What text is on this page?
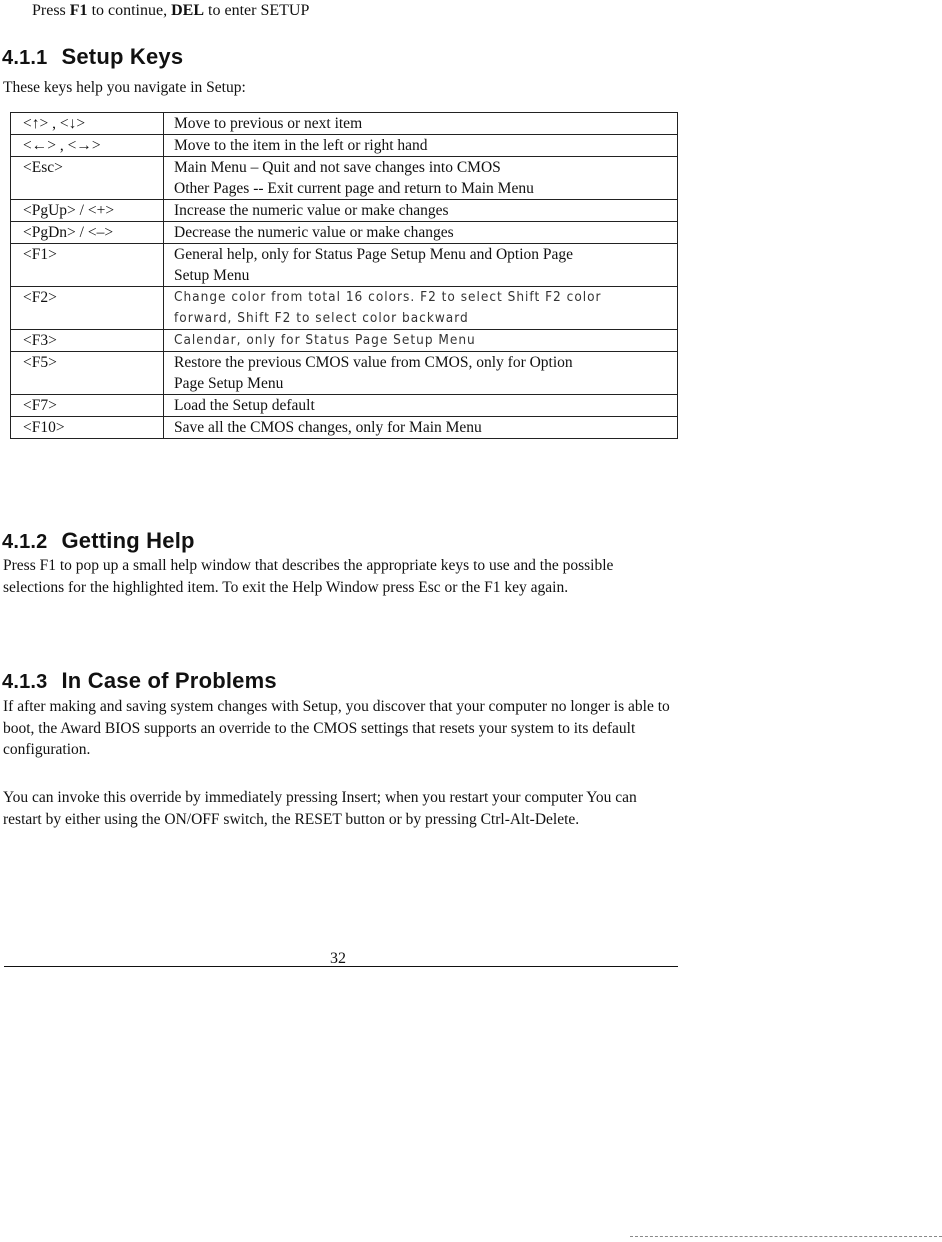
Press F1 to continue, DEL to enter SETUP
4.1.1 Setup Keys

These keys help you navigate in Setup:

<↑> , <↓>	Move to previous or next item

<←> , <→>	Move to the item in the left or right hand

<Esc>	Main Menu – Quit and not save changes into CMOS
Other Pages -- Exit current page and return to Main Menu

<PgUp> / <+>	Increase the numeric value or make changes

<PgDn> / <–>	Decrease the numeric value or make changes

<F1>	General help, only for Status Page Setup Menu and Option Page
Setup Menu

<F2>	Change color from total 16 colors. F2 to select Shift F2 color
forward, Shift F2 to select color backward

<F3>	Calendar, only for Status Page Setup Menu

<F5>	Restore the previous CMOS value from CMOS, only for Option
Page Setup Menu

<F7>	Load the Setup default

<F10>	Save all the CMOS changes, only for Main Menu
4.1.2 Getting Help

Press F1 to pop up a small help window that describes the appropriate keys to use and the possible selections for the highlighted item. To exit the Help Window press Esc or the F1 key again.

4.1.3 In Case of Problems

If after making and saving system changes with Setup, you discover that your computer no longer is able to boot, the Award BIOS supports an override to the CMOS settings that resets your system to its default configuration.

You can invoke this override by immediately pressing Insert; when you restart your computer You can restart by either using the ON/OFF switch, the RESET button or by pressing Ctrl-Alt-Delete.

32
